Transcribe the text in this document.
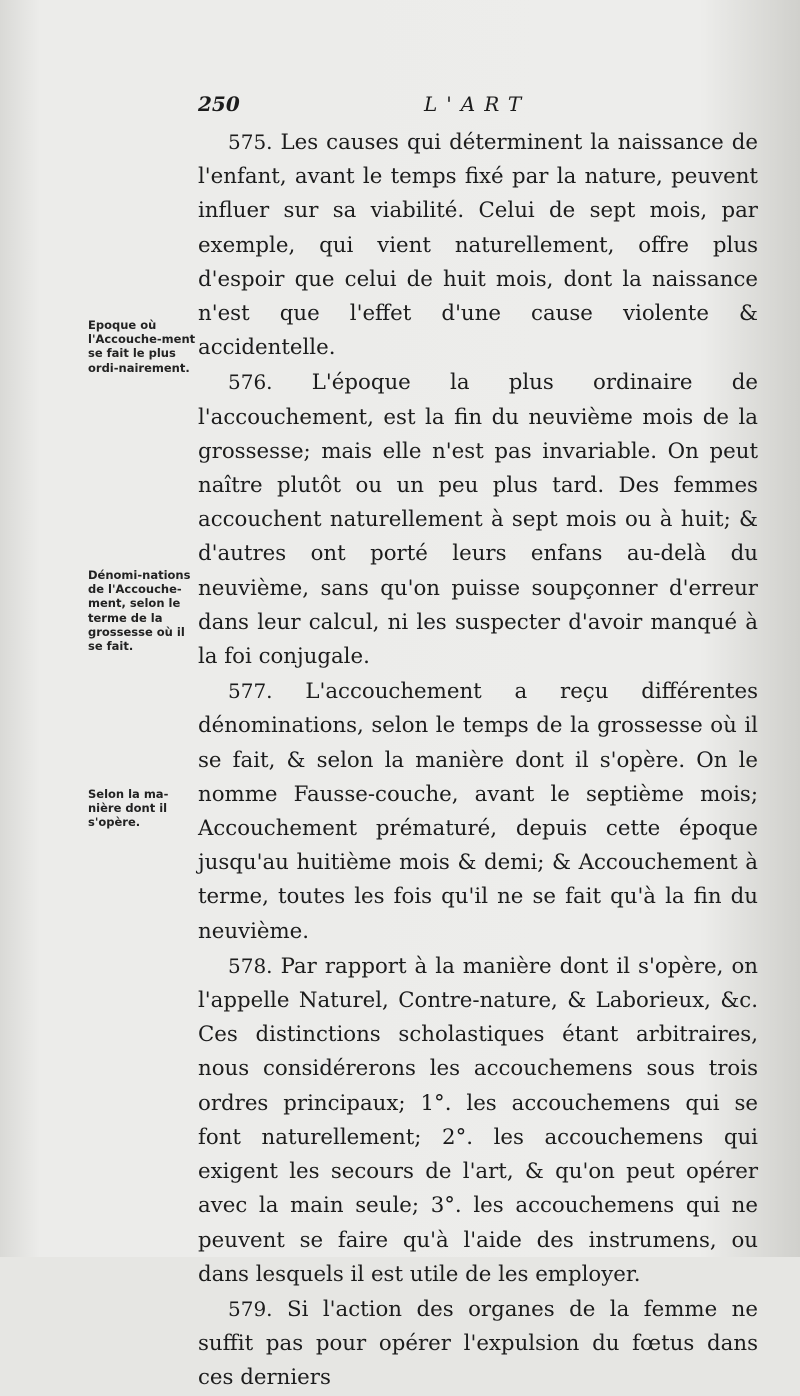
250	L'ART
Epoque où l'Accouche-ment se fait le plus ordi-nairement.
Dénomi-nations de l'Accouche-ment, selon le terme de la grossesse où il se fait.
Selon la ma-nière dont il s'opère.

575. Les causes qui déterminent la naissance de l'enfant, avant le temps fixé par la nature, peuvent influer sur sa viabilité. Celui de sept mois, par exemple, qui vient naturellement, offre plus d'espoir que celui de huit mois, dont la naissance n'est que l'effet d'une cause violente & accidentelle.

576. L'époque la plus ordinaire de l'accouchement, est la fin du neuvième mois de la grossesse; mais elle n'est pas invariable. On peut naître plutôt ou un peu plus tard. Des femmes accouchent naturellement à sept mois ou à huit; & d'autres ont porté leurs enfans au-delà du neuvième, sans qu'on puisse soupçonner d'erreur dans leur calcul, ni les suspecter d'avoir manqué à la foi conjugale.

577. L'accouchement a reçu différentes dénominations, selon le temps de la grossesse où il se fait, & selon la manière dont il s'opère. On le nomme Fausse-couche, avant le septième mois; Accouchement prématuré, depuis cette époque jusqu'au huitième mois & demi; & Accouchement à terme, toutes les fois qu'il ne se fait qu'à la fin du neuvième.

578. Par rapport à la manière dont il s'opère, on l'appelle Naturel, Contre-nature, & Laborieux, &c. Ces distinctions scholastiques étant arbitraires, nous considérerons les accouchemens sous trois ordres principaux; 1°. les accouchemens qui se font naturellement; 2°. les accouchemens qui exigent les secours de l'art, & qu'on peut opérer avec la main seule; 3°. les accouchemens qui ne peuvent se faire qu'à l'aide des instrumens, ou dans lesquels il est utile de les employer.

579. Si l'action des organes de la femme ne suffit pas pour opérer l'expulsion du fœtus dans ces derniers
